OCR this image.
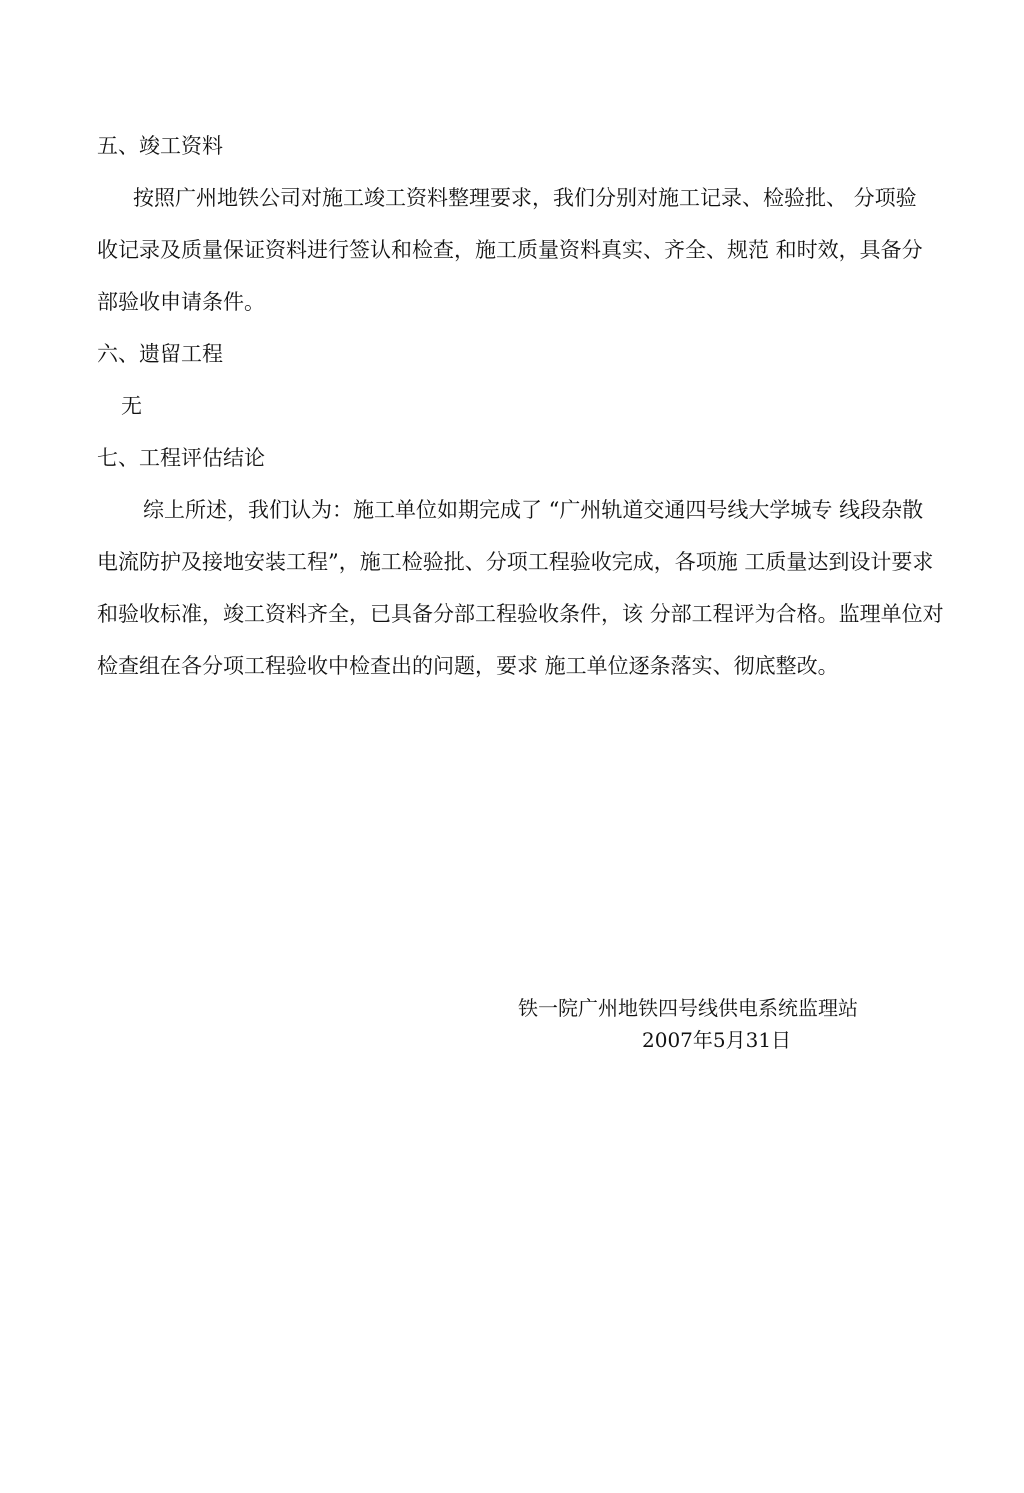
五、竣工资料
按照广州地铁公司对施工竣工资料整理要求，我们分别对施工记录、检验批、 分项验
收记录及质量保证资料进行签认和检查，施工质量资料真实、齐全、规范 和时效，具备分
部验收申请条件。
六、遗留工程
无
七、工程评估结论
综上所述，我们认为：施工单位如期完成了 “广州轨道交通四号线大学城专 线段杂散
电流防护及接地安装工程”，施工检验批、分项工程验收完成，各项施 工质量达到设计要求
和验收标准，竣工资料齐全，已具备分部工程验收条件，该 分部工程评为合格。监理单位对
检查组在各分项工程验收中检查出的问题，要求 施工单位逐条落实、彻底整改。
铁一院广州地铁四号线供电系统监理站
2007年5月31日
